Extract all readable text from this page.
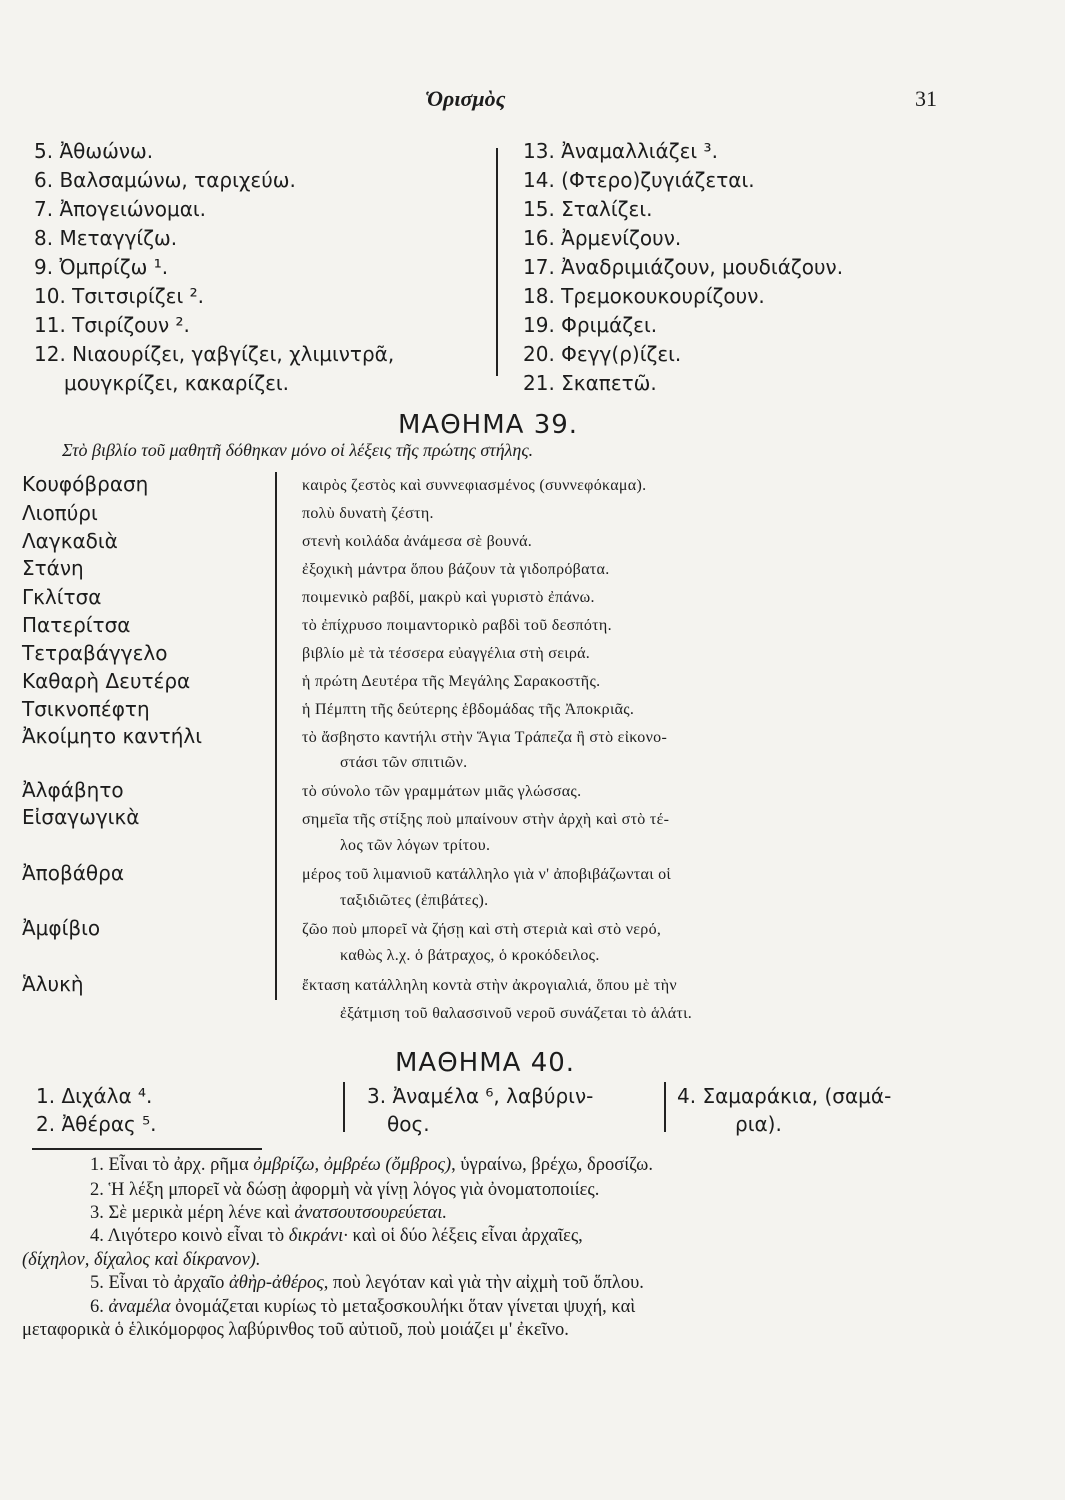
Ὁρισμὸς	31
5. Ἀθωώνω.
6. Βαλσαμώνω, ταριχεύω.
7. Ἀπογειώνομαι.
8. Μεταγγίζω.
9. Ὀμπρίζω ¹.
10. Τσιτσιρίζει ².
11. Τσιρίζουν ².
12. Νιαουρίζει, γαβγίζει, χλιμιντρᾶ,
μουγκρίζει, κακαρίζει.
13. Ἀναμαλλιάζει ³.
14. (Φτερο)ζυγιάζεται.
15. Σταλίζει.
16. Ἀρμενίζουν.
17. Ἀναδριμιάζουν, μουδιάζουν.
18. Τρεμοκουκουρίζουν.
19. Φριμάζει.
20. Φεγγ(ρ)ίζει.
21. Σκαπετῶ.
ΜΑΘΗΜΑ 39.
Στὸ βιβλίο τοῦ μαθητῆ δόθηκαν μόνο οἱ λέξεις τῆς πρώτης στήλης.
Κουφόβραση
Λιοπύρι
Λαγκαδιὰ
Στάνη
Γκλίτσα
Πατερίτσα
Τετραβάγγελο
Καθαρὴ Δευτέρα
Τσικνοπέφτη
Ἀκοίμητο καντήλι
Ἀλφάβητο
Εἰσαγωγικὰ
Ἀποβάθρα
Ἀμφίβιο
Ἁλυκὴ
καιρὸς ζεστὸς καὶ συννεφιασμένος (συννεφόκαμα).
πολὺ δυνατὴ ζέστη.
στενὴ κοιλάδα ἀνάμεσα σὲ βουνά.
ἐξοχικὴ μάντρα ὅπου βάζουν τὰ γιδοπρόβατα.
ποιμενικὸ ραβδί, μακρὺ καὶ γυριστὸ ἐπάνω.
τὸ ἐπίχρυσο ποιμαντορικὸ ραβδὶ τοῦ δεσπότη.
βιβλίο μὲ τὰ τέσσερα εὐαγγέλια στὴ σειρά.
ἡ πρώτη Δευτέρα τῆς Μεγάλης Σαρακοστῆς.
ἡ Πέμπτη τῆς δεύτερης ἑβδομάδας τῆς Ἀποκριᾶς.
τὸ ἄσβηστο καντήλι στὴν Ἅγια Τράπεζα ἢ στὸ εἰκονο-
στάσι τῶν σπιτιῶν.
τὸ σύνολο τῶν γραμμάτων μιᾶς γλώσσας.
σημεῖα τῆς στίξης ποὺ μπαίνουν στὴν ἀρχὴ καὶ στὸ τέ-
λος τῶν λόγων τρίτου.
μέρος τοῦ λιμανιοῦ κατάλληλο γιὰ ν' ἀποβιβάζωνται οἱ
ταξιδιῶτες (ἐπιβάτες).
ζῶο ποὺ μπορεῖ νὰ ζήσῃ καὶ στὴ στεριὰ καὶ στὸ νερό,
καθὼς λ.χ. ὁ βάτραχος, ὁ κροκόδειλος.
ἔκταση κατάλληλη κοντὰ στὴν ἀκρογιαλιά, ὅπου μὲ τὴν
ἐξάτμιση τοῦ θαλασσινοῦ νεροῦ συνάζεται τὸ ἁλάτι.
ΜΑΘΗΜΑ 40.
1. Διχάλα ⁴.
2. Ἀθέρας ⁵.
3. Ἀναμέλα ⁶, λαβύριν-
θος.
4. Σαμαράκια, (σαμά-
ρια).
1. Εἶναι τὸ ἀρχ. ρῆμα ὀμβρίζω, ὀμβρέω (ὄμβρος), ὑγραίνω, βρέχω, δροσίζω.
2. Ἡ λέξη μπορεῖ νὰ δώσῃ ἀφορμὴ νὰ γίνῃ λόγος γιὰ ὀνοματοποιίες.
3. Σὲ μερικὰ μέρη λένε καὶ ἀνατσουτσουρεύεται.
4. Λιγότερο κοινὸ εἶναι τὸ δικράνι· καὶ οἱ δύο λέξεις εἶναι ἀρχαῖες,
(δίχηλον, δίχαλος καὶ δίκρανον).
5. Εἶναι τὸ ἀρχαῖο ἀθὴρ-ἀθέρος, ποὺ λεγόταν καὶ γιὰ τὴν αἰχμὴ τοῦ ὅπλου.
6. ἀναμέλα ὀνομάζεται κυρίως τὸ μεταξοσκουλήκι ὅταν γίνεται ψυχή, καὶ
μεταφορικὰ ὁ ἑλικόμορφος λαβύρινθος τοῦ αὐτιοῦ, ποὺ μοιάζει μ' ἐκεῖνο.
